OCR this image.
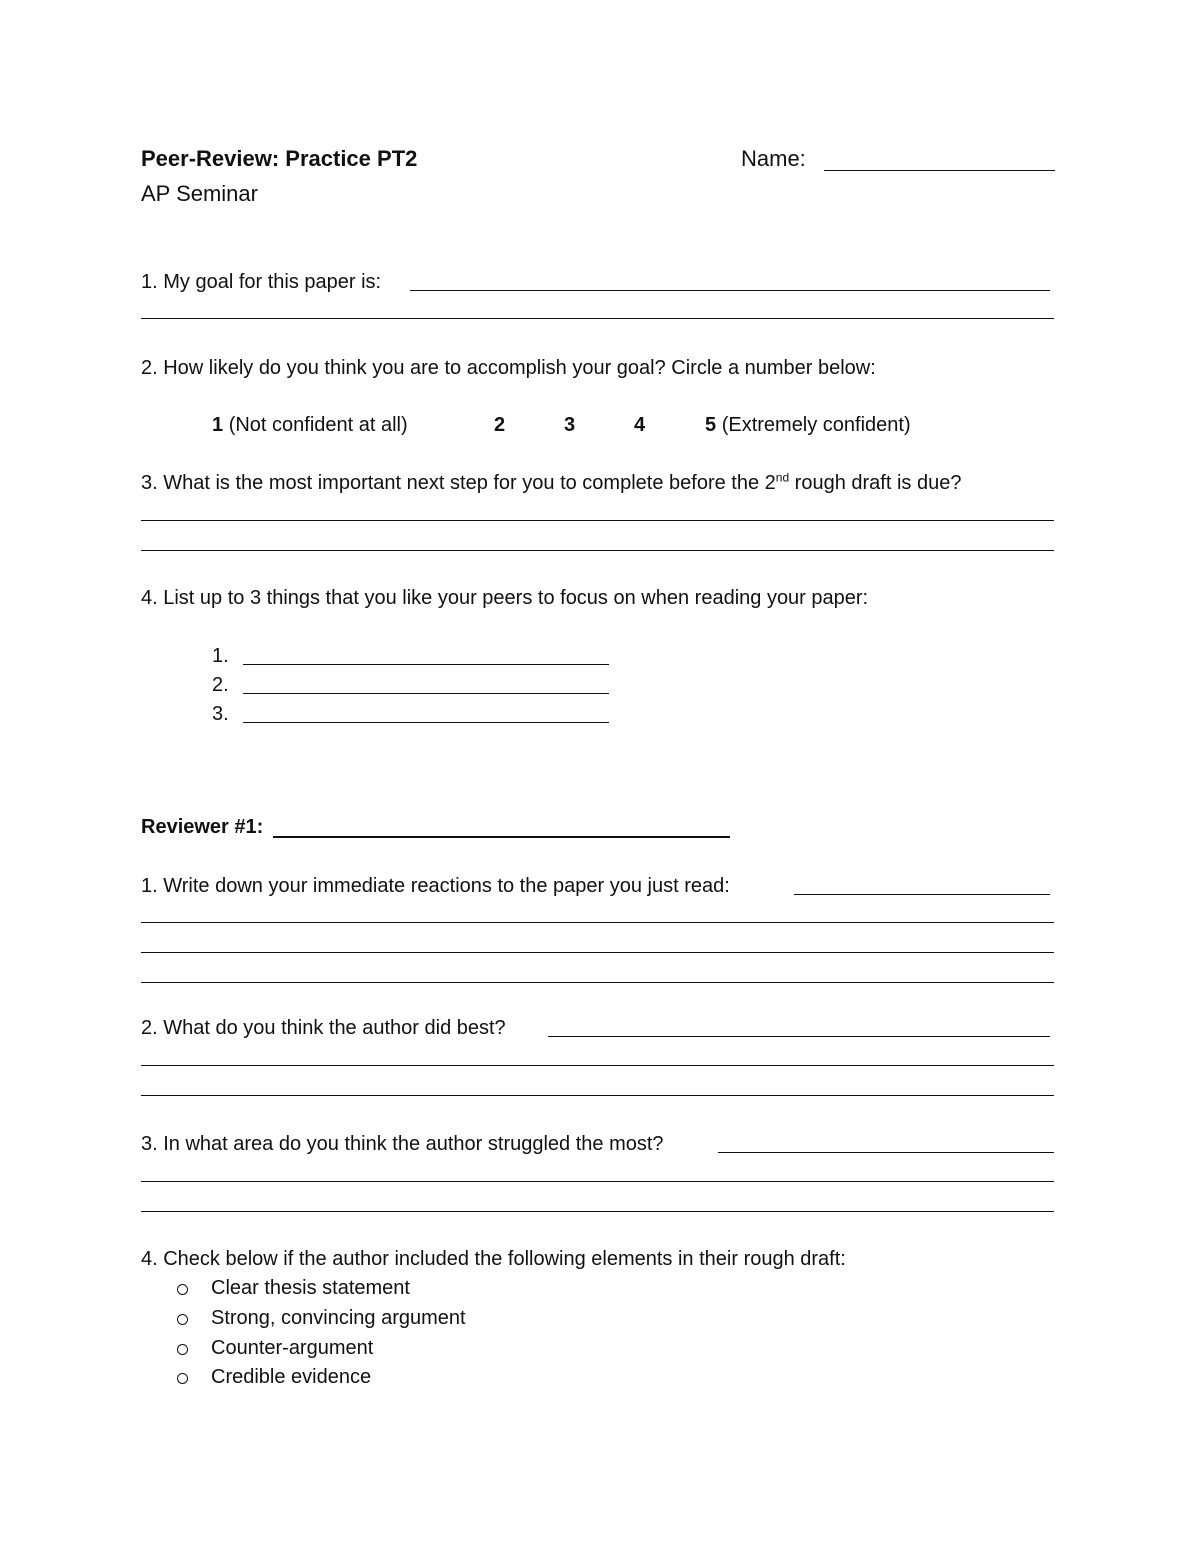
Peer-Review: Practice PT2
AP Seminar
Name:
1. My goal for this paper is:
2. How likely do you think you are to accomplish your goal? Circle a number below:
1 (Not confident at all)	2	3	4	5 (Extremely confident)
3. What is the most important next step for you to complete before the 2nd rough draft is due?
4. List up to 3 things that you like your peers to focus on when reading your paper:
1.
2.
3.
Reviewer #1:
1. Write down your immediate reactions to the paper you just read:
2. What do you think the author did best?
3. In what area do you think the author struggled the most?
4. Check below if the author included the following elements in their rough draft:
Clear thesis statement
Strong, convincing argument
Counter-argument
Credible evidence
